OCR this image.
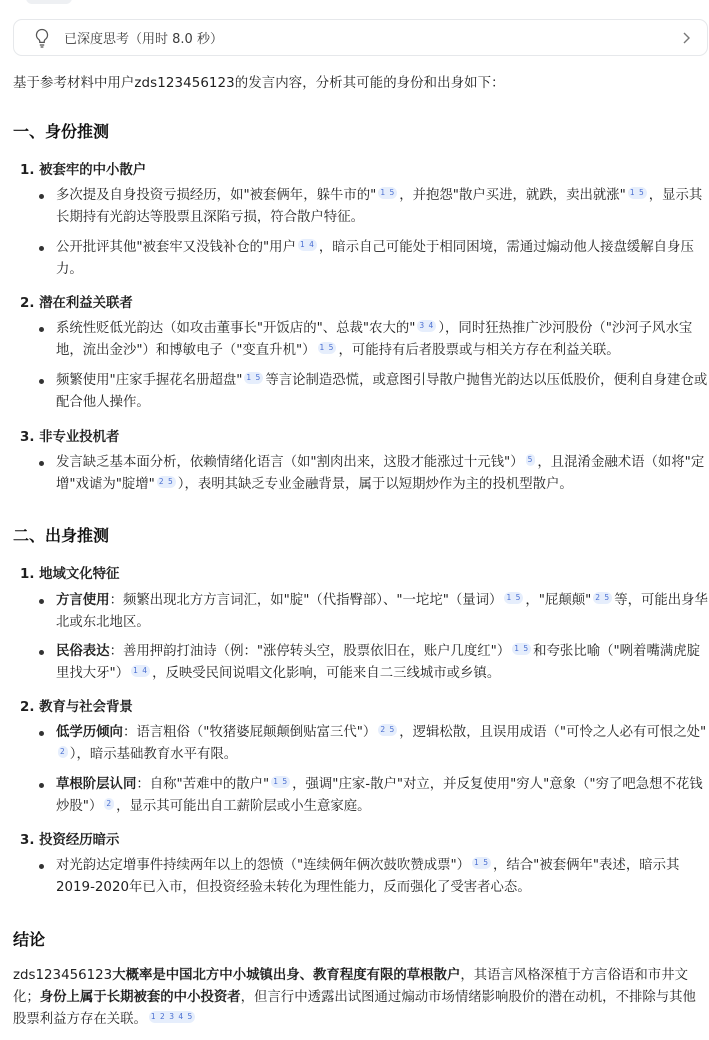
已深度思考（用时 8.0 秒）
基于参考材料中用户zds123456123的发言内容，分析其可能的身份和出身如下：
一、身份推测
1. 被套牢的中小散户
多次提及自身投资亏损经历，如"被套俩年，躲牛市的" 1 5 ，并抱怨"散户买进，就跌，卖出就涨" 1 5 ，显示其长期持有光韵达等股票且深陷亏损，符合散户特征。
公开批评其他"被套牢又没钱补仓的"用户 1 4 ，暗示自己可能处于相同困境，需通过煽动他人接盘缓解自身压力。
2. 潜在利益关联者
系统性贬低光韵达（如攻击董事长"开饭店的"、总裁"农大的" 3 4 ），同时狂热推广沙河股份（"沙河子风水宝地，流出金沙"）和博敏电子（"变直升机"） 1 5 ，可能持有后者股票或与相关方存在利益关联。
频繁使用"庄家手握花名册超盘" 1 5 等言论制造恐慌，或意图引导散户抛售光韵达以压低股价，便利自身建仓或配合他人操作。
3. 非专业投机者
发言缺乏基本面分析，依赖情绪化语言（如"割肉出来，这股才能涨过十元钱"） 5 ，且混淆金融术语（如将"定增"戏谑为"腚增" 2 5 ），表明其缺乏专业金融背景，属于以短期炒作为主的投机型散户。
二、出身推测
1. 地域文化特征
方言使用：频繁出现北方方言词汇，如"腚"（代指臀部）、"一坨坨"（量词） 1 5 ，"屁颠颠" 2 5 等，可能出身华北或东北地区。
民俗表达：善用押韵打油诗（例："涨停转头空，股票依旧在，账户几度红"） 1 5 和夸张比喻（"咧着嘴满虎腚里找大牙"） 1 4 ，反映受民间说唱文化影响，可能来自二三线城市或乡镇。
2. 教育与社会背景
低学历倾向：语言粗俗（"牧猪婆屁颠颠倒贴富三代"） 2 5 ，逻辑松散，且误用成语（"可怜之人必有可恨之处"2 ），暗示基础教育水平有限。
草根阶层认同：自称"苦难中的散户" 1 5 ，强调"庄家-散户"对立，并反复使用"穷人"意象（"穷了吧急想不花钱炒股"） 2 ，显示其可能出自工薪阶层或小生意家庭。
3. 投资经历暗示
对光韵达定增事件持续两年以上的怨愤（"连续俩年俩次鼓吹赞成票"） 1 5 ，结合"被套俩年"表述，暗示其2019-2020年已入市，但投资经验未转化为理性能力，反而强化了受害者心态。
结论
zds123456123大概率是中国北方中小城镇出身、教育程度有限的草根散户，其语言风格深植于方言俗语和市井文化；身份上属于长期被套的中小投资者，但言行中透露出试图通过煽动市场情绪影响股价的潜在动机，不排除与其他股票利益方存在关联。 1 2 3 4 5
